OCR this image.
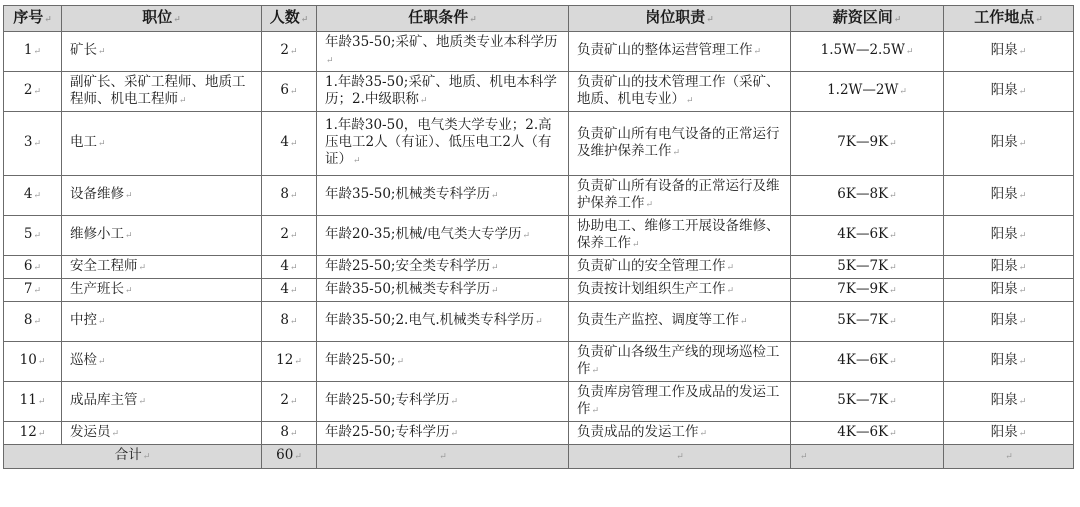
序号↵	职位↵	人数↵	任职条件↵	岗位职责↵	薪资区间↵	工作地点↵
1↵	矿长↵	2↵	年龄35-50;采矿、地质类专业本科学历↵	负责矿山的整体运营管理工作↵	1.5W—2.5W↵	阳泉↵
2↵	副矿长、采矿工程师、地质工程师、机电工程师↵	6↵	1.年龄35-50;采矿、地质、机电本科学历；2.中级职称↵	负责矿山的技术管理工作（采矿、地质、机电专业）↵	1.2W—2W↵	阳泉↵
3↵	电工↵	4↵	1.年龄30-50，电气类大学专业；2.高压电工2人（有证）、低压电工2人（有证）↵	负责矿山所有电气设备的正常运行及维护保养工作↵	7K—9K↵	阳泉↵
4↵	设备维修↵	8↵	年龄35-50;机械类专科学历↵	负责矿山所有设备的正常运行及维护保养工作↵	6K—8K↵	阳泉↵
5↵	维修小工↵	2↵	年龄20-35;机械/电气类大专学历↵	协助电工、维修工开展设备维修、保养工作↵	4K—6K↵	阳泉↵
6↵	安全工程师↵	4↵	年龄25-50;安全类专科学历↵	负责矿山的安全管理工作↵	5K—7K↵	阳泉↵
7↵	生产班长↵	4↵	年龄35-50;机械类专科学历↵	负责按计划组织生产工作↵	7K—9K↵	阳泉↵
8↵	中控↵	8↵	年龄35-50;2.电气.机械类专科学历↵	负责生产监控、调度等工作↵	5K—7K↵	阳泉↵
10↵	巡检↵	12↵	年龄25-50;↵	负责矿山各级生产线的现场巡检工作↵	4K—6K↵	阳泉↵
11↵	成品库主管↵	2↵	年龄25-50;专科学历↵	负责库房管理工作及成品的发运工作↵	5K—7K↵	阳泉↵
12↵	发运员↵	8↵	年龄25-50;专科学历↵	负责成品的发运工作↵	4K—6K↵	阳泉↵
合计↵		60↵	↵	↵	↵	↵
